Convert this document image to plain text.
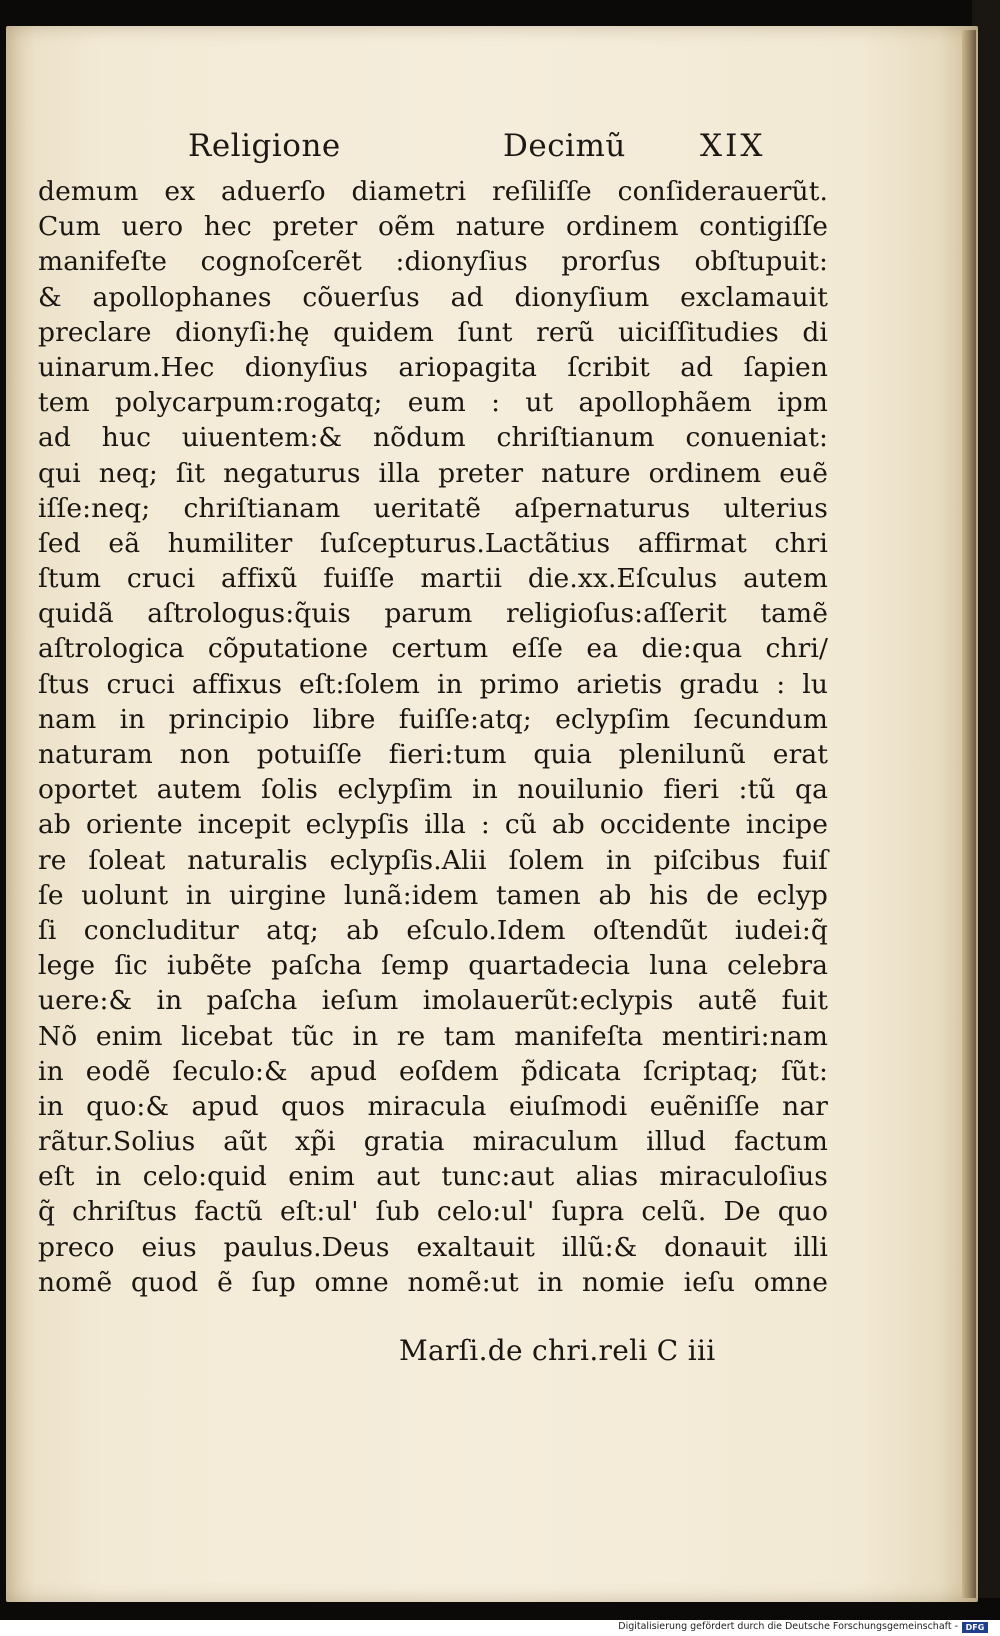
Religione	Decimũ XIX
demum ex aduerſo diametri reſiliſſe conſiderauerũt.
Cum uero hec preter oẽm nature ordinem contigiſſe
manifeſte cognoſcerẽt :dionyſius prorſus obſtupuit:
& apollophanes cõuerſus ad dionyſium exclamauit
preclare dionyſi:hę quidem ſunt rerũ uiciſſitudies di
uinarum.Hec dionyſius ariopagita ſcribit ad ſapien
tem polycarpum:rogatq; eum : ut apollophãem ipm
ad huc uiuentem:& nõdum chriſtianum conueniat:
qui neq; ſit negaturus illa preter nature ordinem euẽ
iſſe:neq; chriſtianam ueritatẽ aſpernaturus ulterius
ſed eã humiliter ſuſcepturus.Lactãtius affirmat chri
ſtum cruci affixũ fuiſſe martii die.xx.Eſculus autem
quidã aſtrologus:q̃uis parum religioſus:aſſerit tamẽ
aſtrologica cõputatione certum eſſe ea die:qua chri/
ſtus cruci affixus eſt:ſolem in primo arietis gradu : lu
nam in principio libre fuiſſe:atq; eclypſim ſecundum
naturam non potuiſſe fieri:tum quia plenilunũ erat
oportet autem ſolis eclypſim in nouilunio fieri :tũ qa
ab oriente incepit eclypſis illa : cũ ab occidente incipe
re ſoleat naturalis eclypſis.Alii ſolem in piſcibus fuiſ
ſe uolunt in uirgine lunã:idem tamen ab his de eclyp
ſi concluditur atq; ab eſculo.Idem oſtendũt iudei:q̃
lege ſic iubẽte paſcha ſemp quartadecia luna celebra
uere:& in paſcha ieſum imolauerũt:eclypis autẽ fuit
Nõ enim licebat tũc in re tam manifeſta mentiri:nam
in eodẽ ſeculo:& apud eoſdem p̃dicata ſcriptaq; ſũt:
in quo:& apud quos miracula eiuſmodi euẽniſſe nar
rãtur.Solius aũt xp̃i gratia miraculum illud factum
eſt in celo:quid enim aut tunc:aut alias miraculoſius
q̃ chriſtus factũ eſt:ul' ſub celo:ul' ſupra celũ. De quo
preco eius paulus.Deus exaltauit illũ:& donauit illi
nomẽ quod ẽ ſup omne nomẽ:ut in nomie ieſu omne
Marſi.de chri.reli C iii
Digitalisierung gefördert durch die Deutsche Forschungsgemeinschaft - DFG
